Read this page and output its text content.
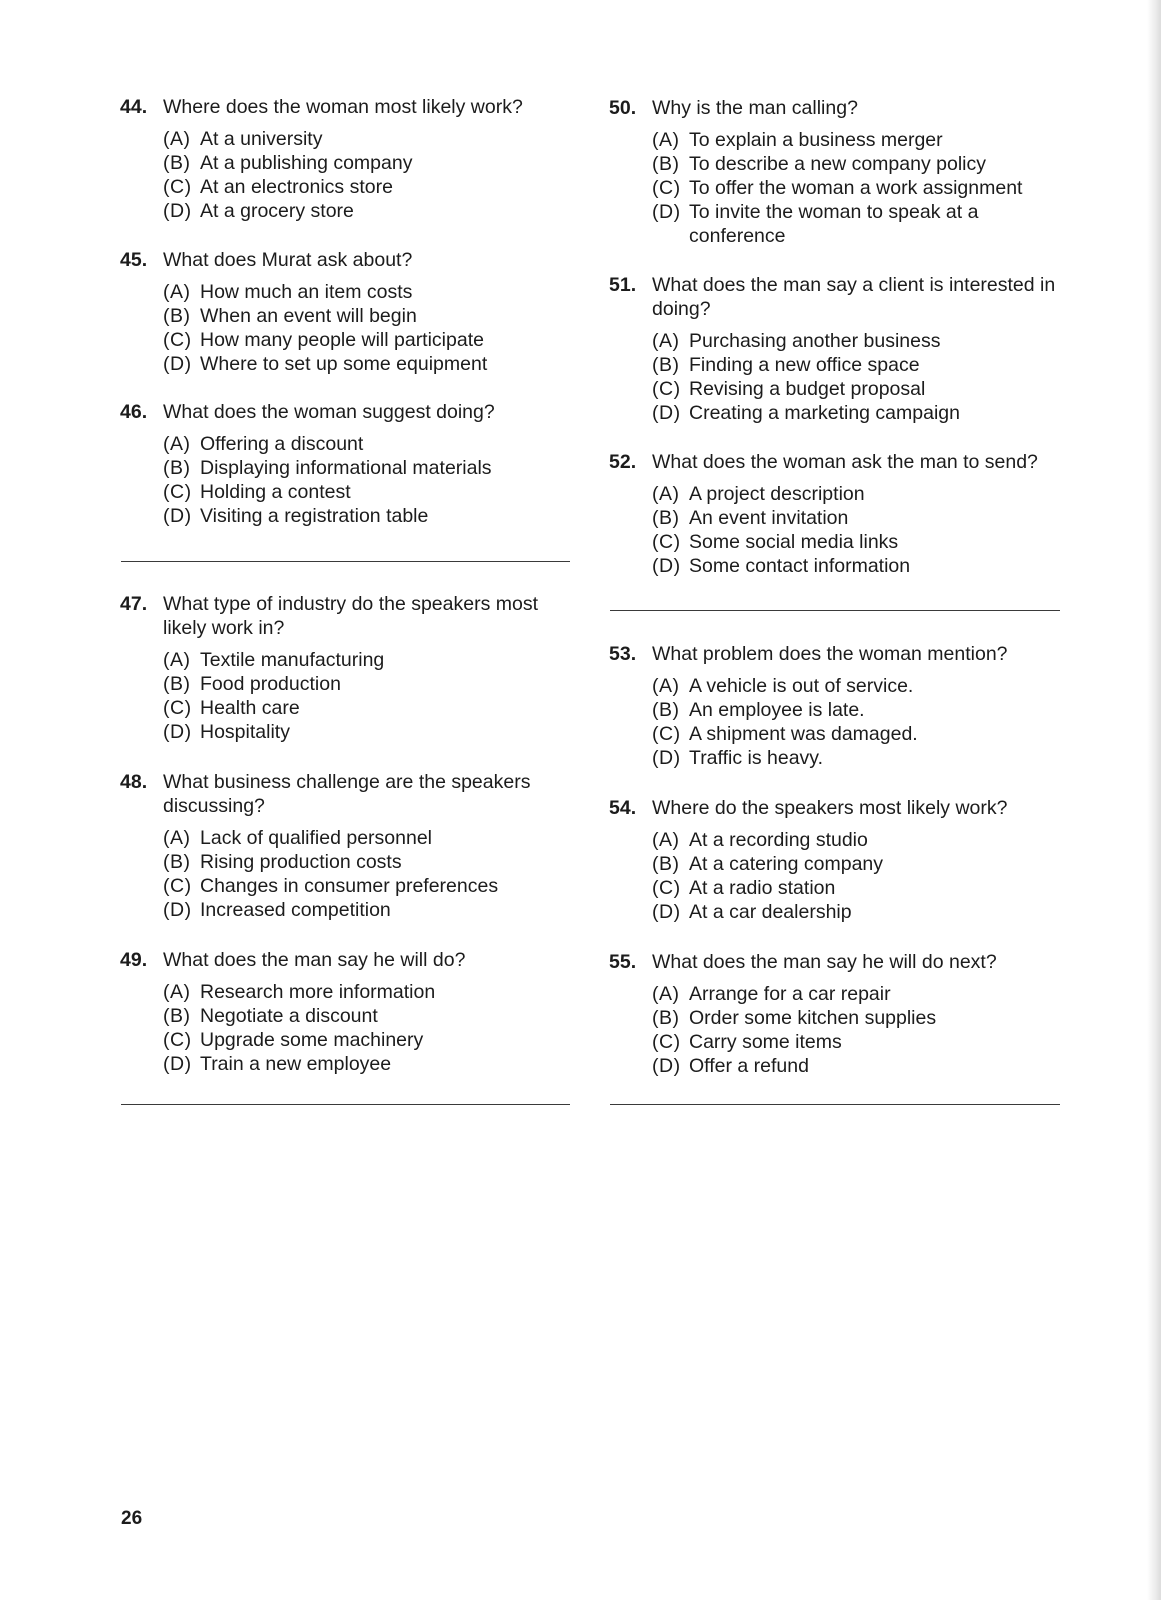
44. Where does the woman most likely work?
(A) At a university
(B) At a publishing company
(C) At an electronics store
(D) At a grocery store
45. What does Murat ask about?
(A) How much an item costs
(B) When an event will begin
(C) How many people will participate
(D) Where to set up some equipment
46. What does the woman suggest doing?
(A) Offering a discount
(B) Displaying informational materials
(C) Holding a contest
(D) Visiting a registration table
47. What type of industry do the speakers most likely work in?
(A) Textile manufacturing
(B) Food production
(C) Health care
(D) Hospitality
48. What business challenge are the speakers discussing?
(A) Lack of qualified personnel
(B) Rising production costs
(C) Changes in consumer preferences
(D) Increased competition
49. What does the man say he will do?
(A) Research more information
(B) Negotiate a discount
(C) Upgrade some machinery
(D) Train a new employee
50. Why is the man calling?
(A) To explain a business merger
(B) To describe a new company policy
(C) To offer the woman a work assignment
(D) To invite the woman to speak at a conference
51. What does the man say a client is interested in doing?
(A) Purchasing another business
(B) Finding a new office space
(C) Revising a budget proposal
(D) Creating a marketing campaign
52. What does the woman ask the man to send?
(A) A project description
(B) An event invitation
(C) Some social media links
(D) Some contact information
53. What problem does the woman mention?
(A) A vehicle is out of service.
(B) An employee is late.
(C) A shipment was damaged.
(D) Traffic is heavy.
54. Where do the speakers most likely work?
(A) At a recording studio
(B) At a catering company
(C) At a radio station
(D) At a car dealership
55. What does the man say he will do next?
(A) Arrange for a car repair
(B) Order some kitchen supplies
(C) Carry some items
(D) Offer a refund
26
